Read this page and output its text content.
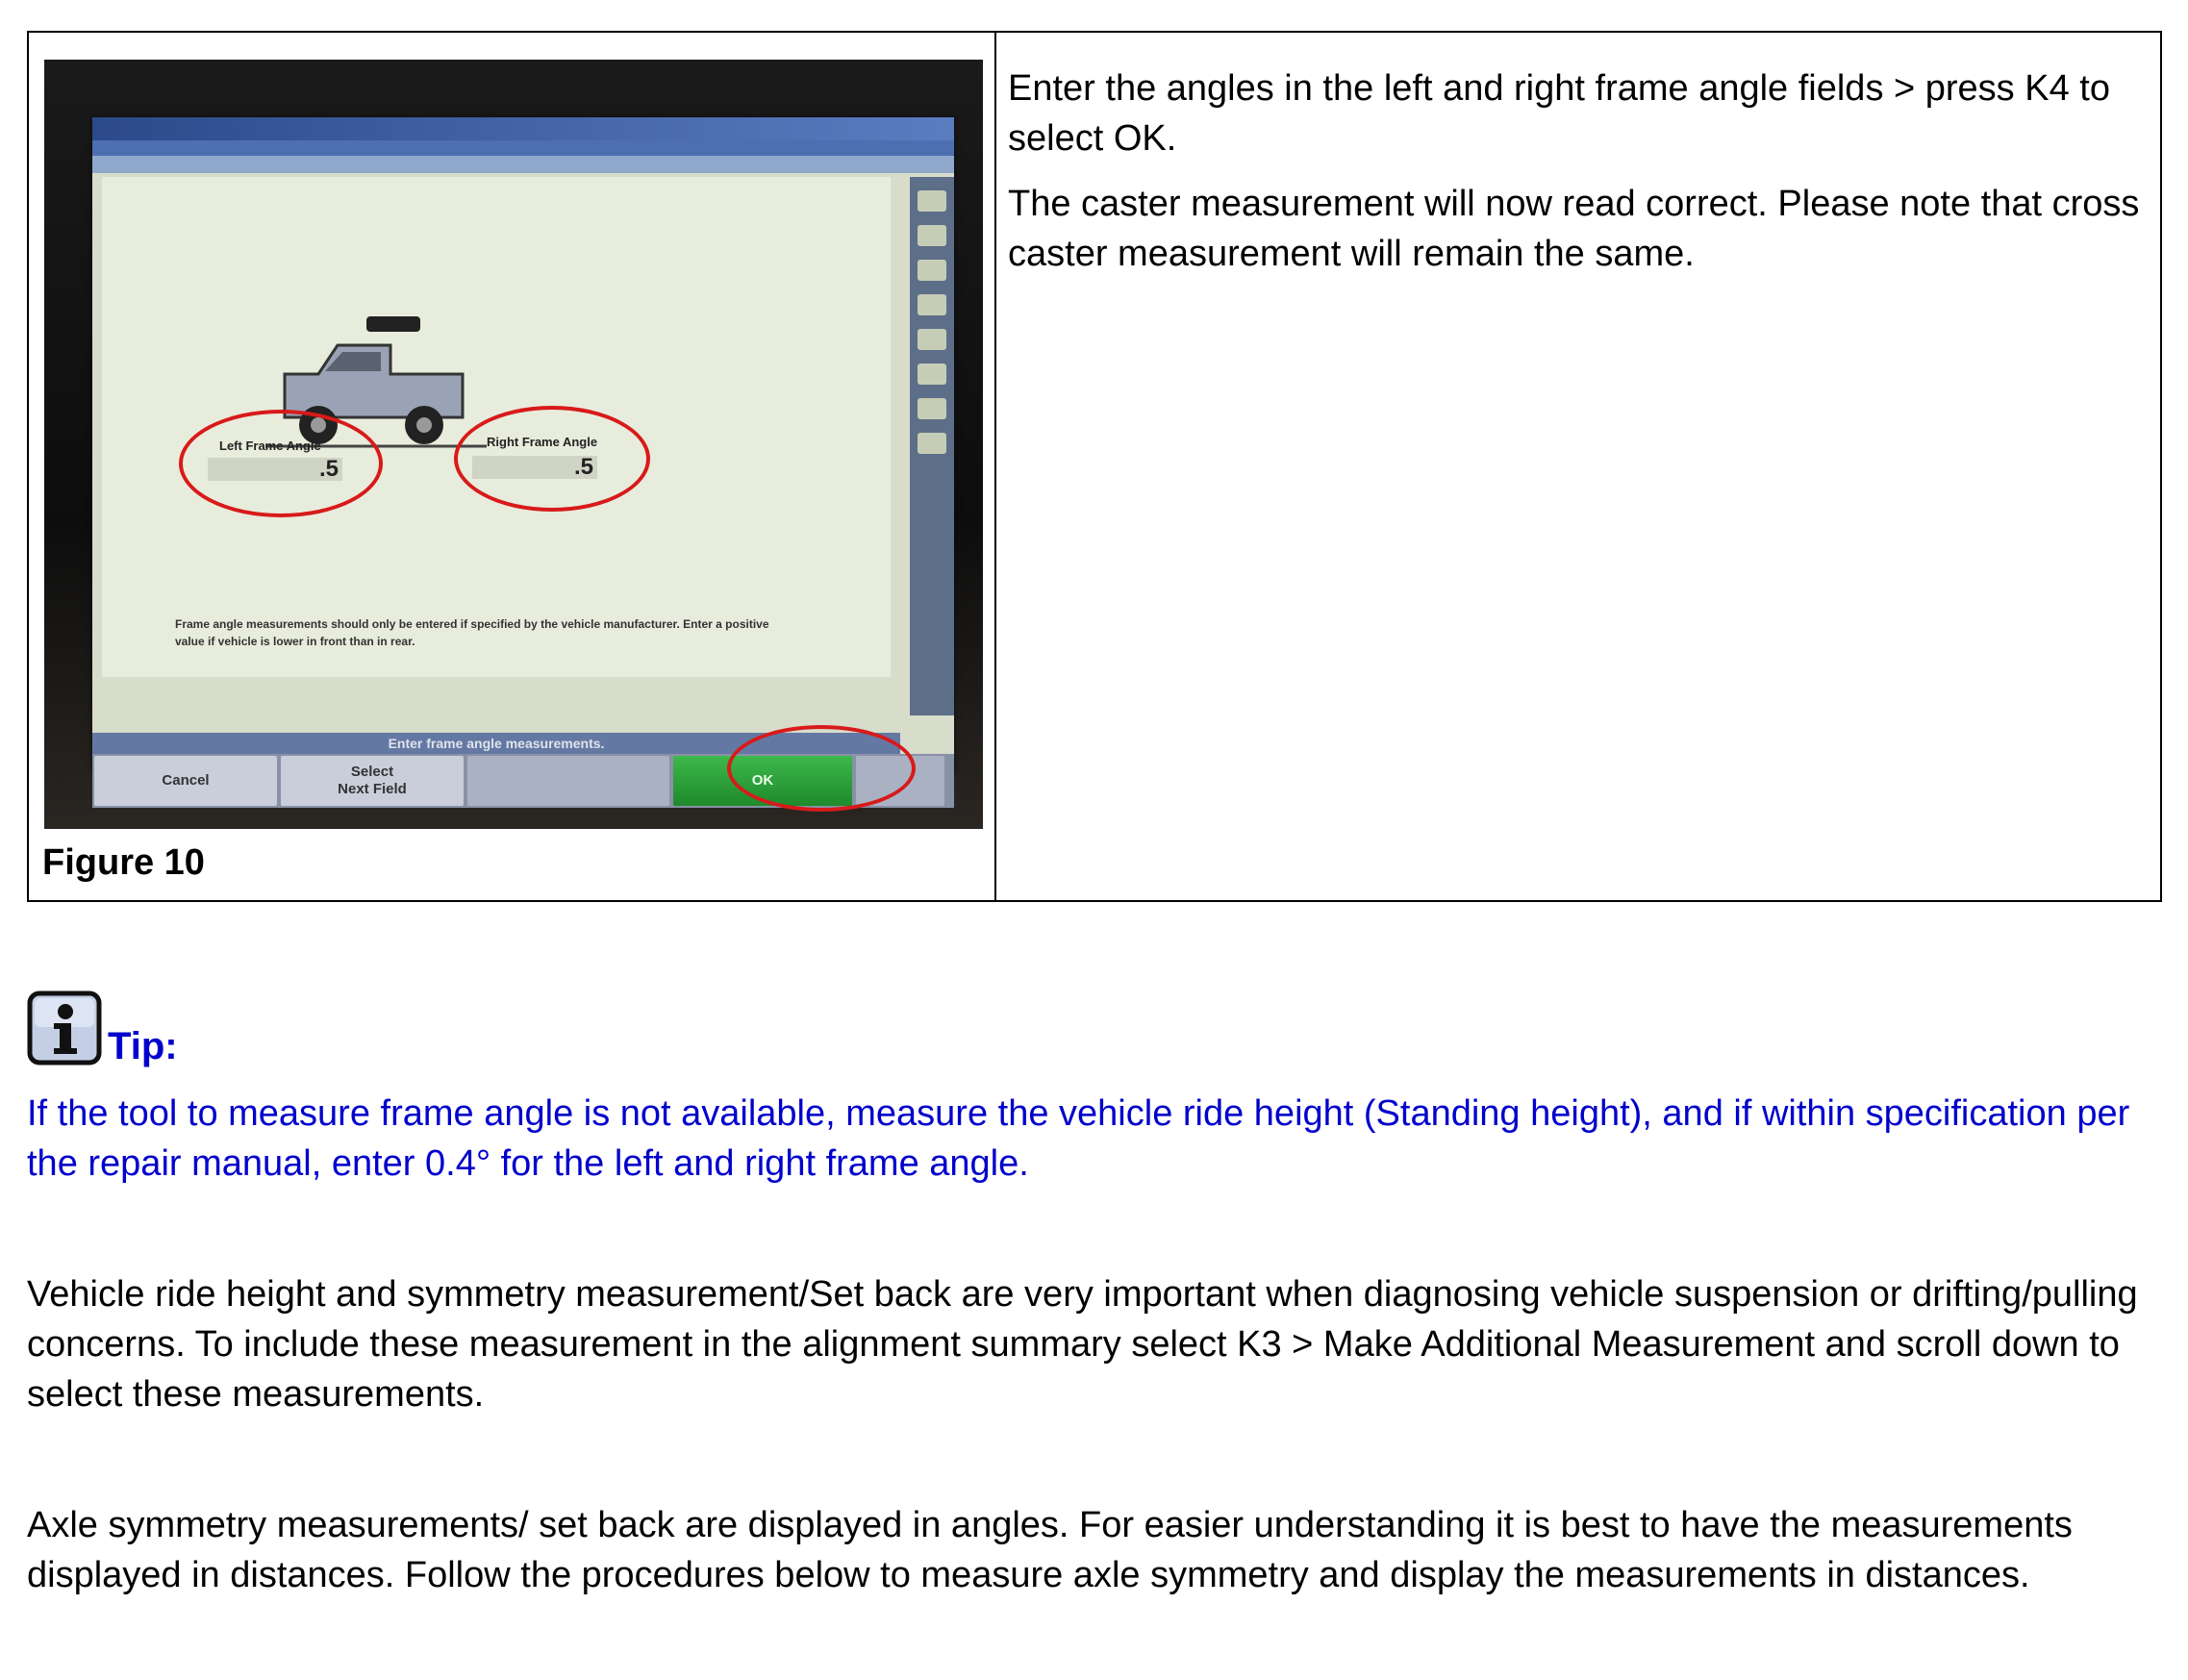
Left Frame Angle
.5
Right Frame Angle
.5
Frame angle measurements should only be entered if specified by the vehicle manufacturer. Enter a positive value if vehicle is lower in front than in rear.
Enter frame angle measurements.
Cancel
Select
Next Field
OK
Figure 10

Enter the angles in the left and right frame angle fields > press K4 to select OK.

The caster measurement will now read correct. Please note that cross caster measurement will remain the same.

Tip:
If the tool to measure frame angle is not available, measure the vehicle ride height (Standing height), and if within specification per the repair manual, enter 0.4° for the left and right frame angle.
Vehicle ride height and symmetry measurement/Set back are very important when diagnosing vehicle suspension or drifting/pulling concerns. To include these measurement in the alignment summary select K3 > Make Additional Measurement and scroll down to select these measurements.
Axle symmetry measurements/ set back are displayed in angles. For easier understanding it is best to have the measurements displayed in distances. Follow the procedures below to measure axle symmetry and display the measurements in distances.
